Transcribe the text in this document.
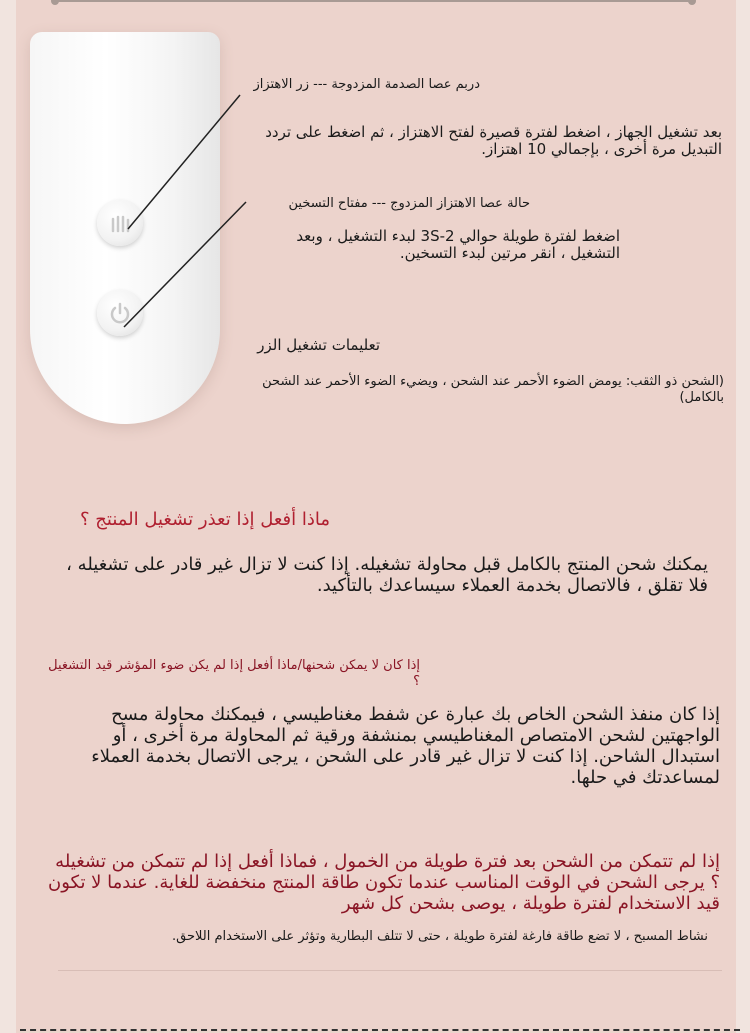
دربم عصا الصدمة المزدوجة --- زر الاهتزاز
بعد تشغيل الجهاز ، اضغط لفترة قصيرة لفتح الاهتزاز ، ثم اضغط على تردد التبديل مرة أخرى ، بإجمالي 10 اهتزاز.
حالة عصا الاهتزاز المزدوج --- مفتاح التسخين
اضغط لفترة طويلة حوالي 2-3S لبدء التشغيل ، وبعد التشغيل ، انقر مرتين لبدء التسخين.
تعليمات تشغيل الزر
(الشحن ذو الثقب: يومض الضوء الأحمر عند الشحن ، ويضيء الضوء الأحمر عند الشحن بالكامل)
ماذا أفعل إذا تعذر تشغيل المنتج ؟
يمكنك شحن المنتج بالكامل قبل محاولة تشغيله. إذا كنت لا تزال غير قادر على تشغيله ، فلا تقلق ، فالاتصال بخدمة العملاء سيساعدك بالتأكيد.
إذا كان لا يمكن شحنها/ماذا أفعل إذا لم يكن ضوء المؤشر قيد التشغيل ؟
إذا كان منفذ الشحن الخاص بك عبارة عن شفط مغناطيسي ، فيمكنك محاولة مسح الواجهتين لشحن الامتصاص المغناطيسي بمنشفة ورقية ثم المحاولة مرة أخرى ، أو استبدال الشاحن. إذا كنت لا تزال غير قادر على الشحن ، يرجى الاتصال بخدمة العملاء لمساعدتك في حلها.
إذا لم تتمكن من الشحن بعد فترة طويلة من الخمول ، فماذا أفعل إذا لم تتمكن من تشغيله ؟ يرجى الشحن في الوقت المناسب عندما تكون طاقة المنتج منخفضة للغاية. عندما لا تكون قيد الاستخدام لفترة طويلة ، يوصى بشحن كل شهر
نشاط المسبح ، لا تضع طاقة فارغة لفترة طويلة ، حتى لا تتلف البطارية وتؤثر على الاستخدام اللاحق.
